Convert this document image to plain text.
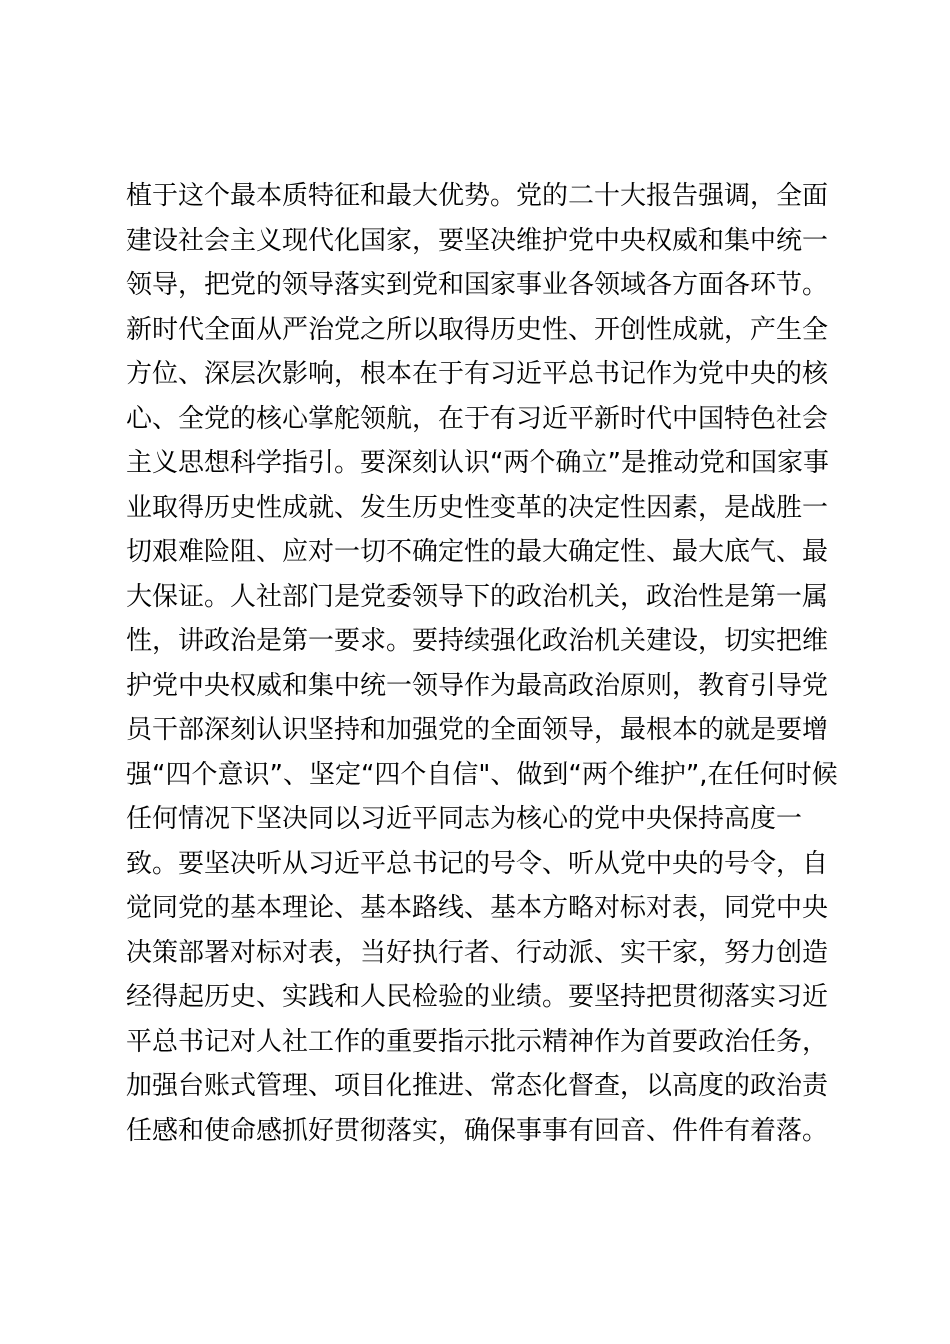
植于这个最本质特征和最大优势。党的二十大报告强调，全面
建设社会主义现代化国家，要坚决维护党中央权威和集中统一
领导，把党的领导落实到党和国家事业各领域各方面各环节。
新时代全面从严治党之所以取得历史性、开创性成就，产生全
方位、深层次影响，根本在于有习近平总书记作为党中央的核
心、全党的核心掌舵领航，在于有习近平新时代中国特色社会
主义思想科学指引。要深刻认识“两个确立”是推动党和国家事
业取得历史性成就、发生历史性变革的决定性因素，是战胜一
切艰难险阻、应对一切不确定性的最大确定性、最大底气、最
大保证。人社部门是党委领导下的政治机关，政治性是第一属
性，讲政治是第一要求。要持续强化政治机关建设，切实把维
护党中央权威和集中统一领导作为最高政治原则，教育引导党
员干部深刻认识坚持和加强党的全面领导，最根本的就是要增
强“四个意识”、坚定“四个自信"、做到“两个维护”,在任何时候
任何情况下坚决同以习近平同志为核心的党中央保持高度一
致。要坚决听从习近平总书记的号令、听从党中央的号令，自
觉同党的基本理论、基本路线、基本方略对标对表，同党中央
决策部署对标对表，当好执行者、行动派、实干家，努力创造
经得起历史、实践和人民检验的业绩。要坚持把贯彻落实习近
平总书记对人社工作的重要指示批示精神作为首要政治任务，
加强台账式管理、项目化推进、常态化督查，以高度的政治责
任感和使命感抓好贯彻落实，确保事事有回音、件件有着落。
